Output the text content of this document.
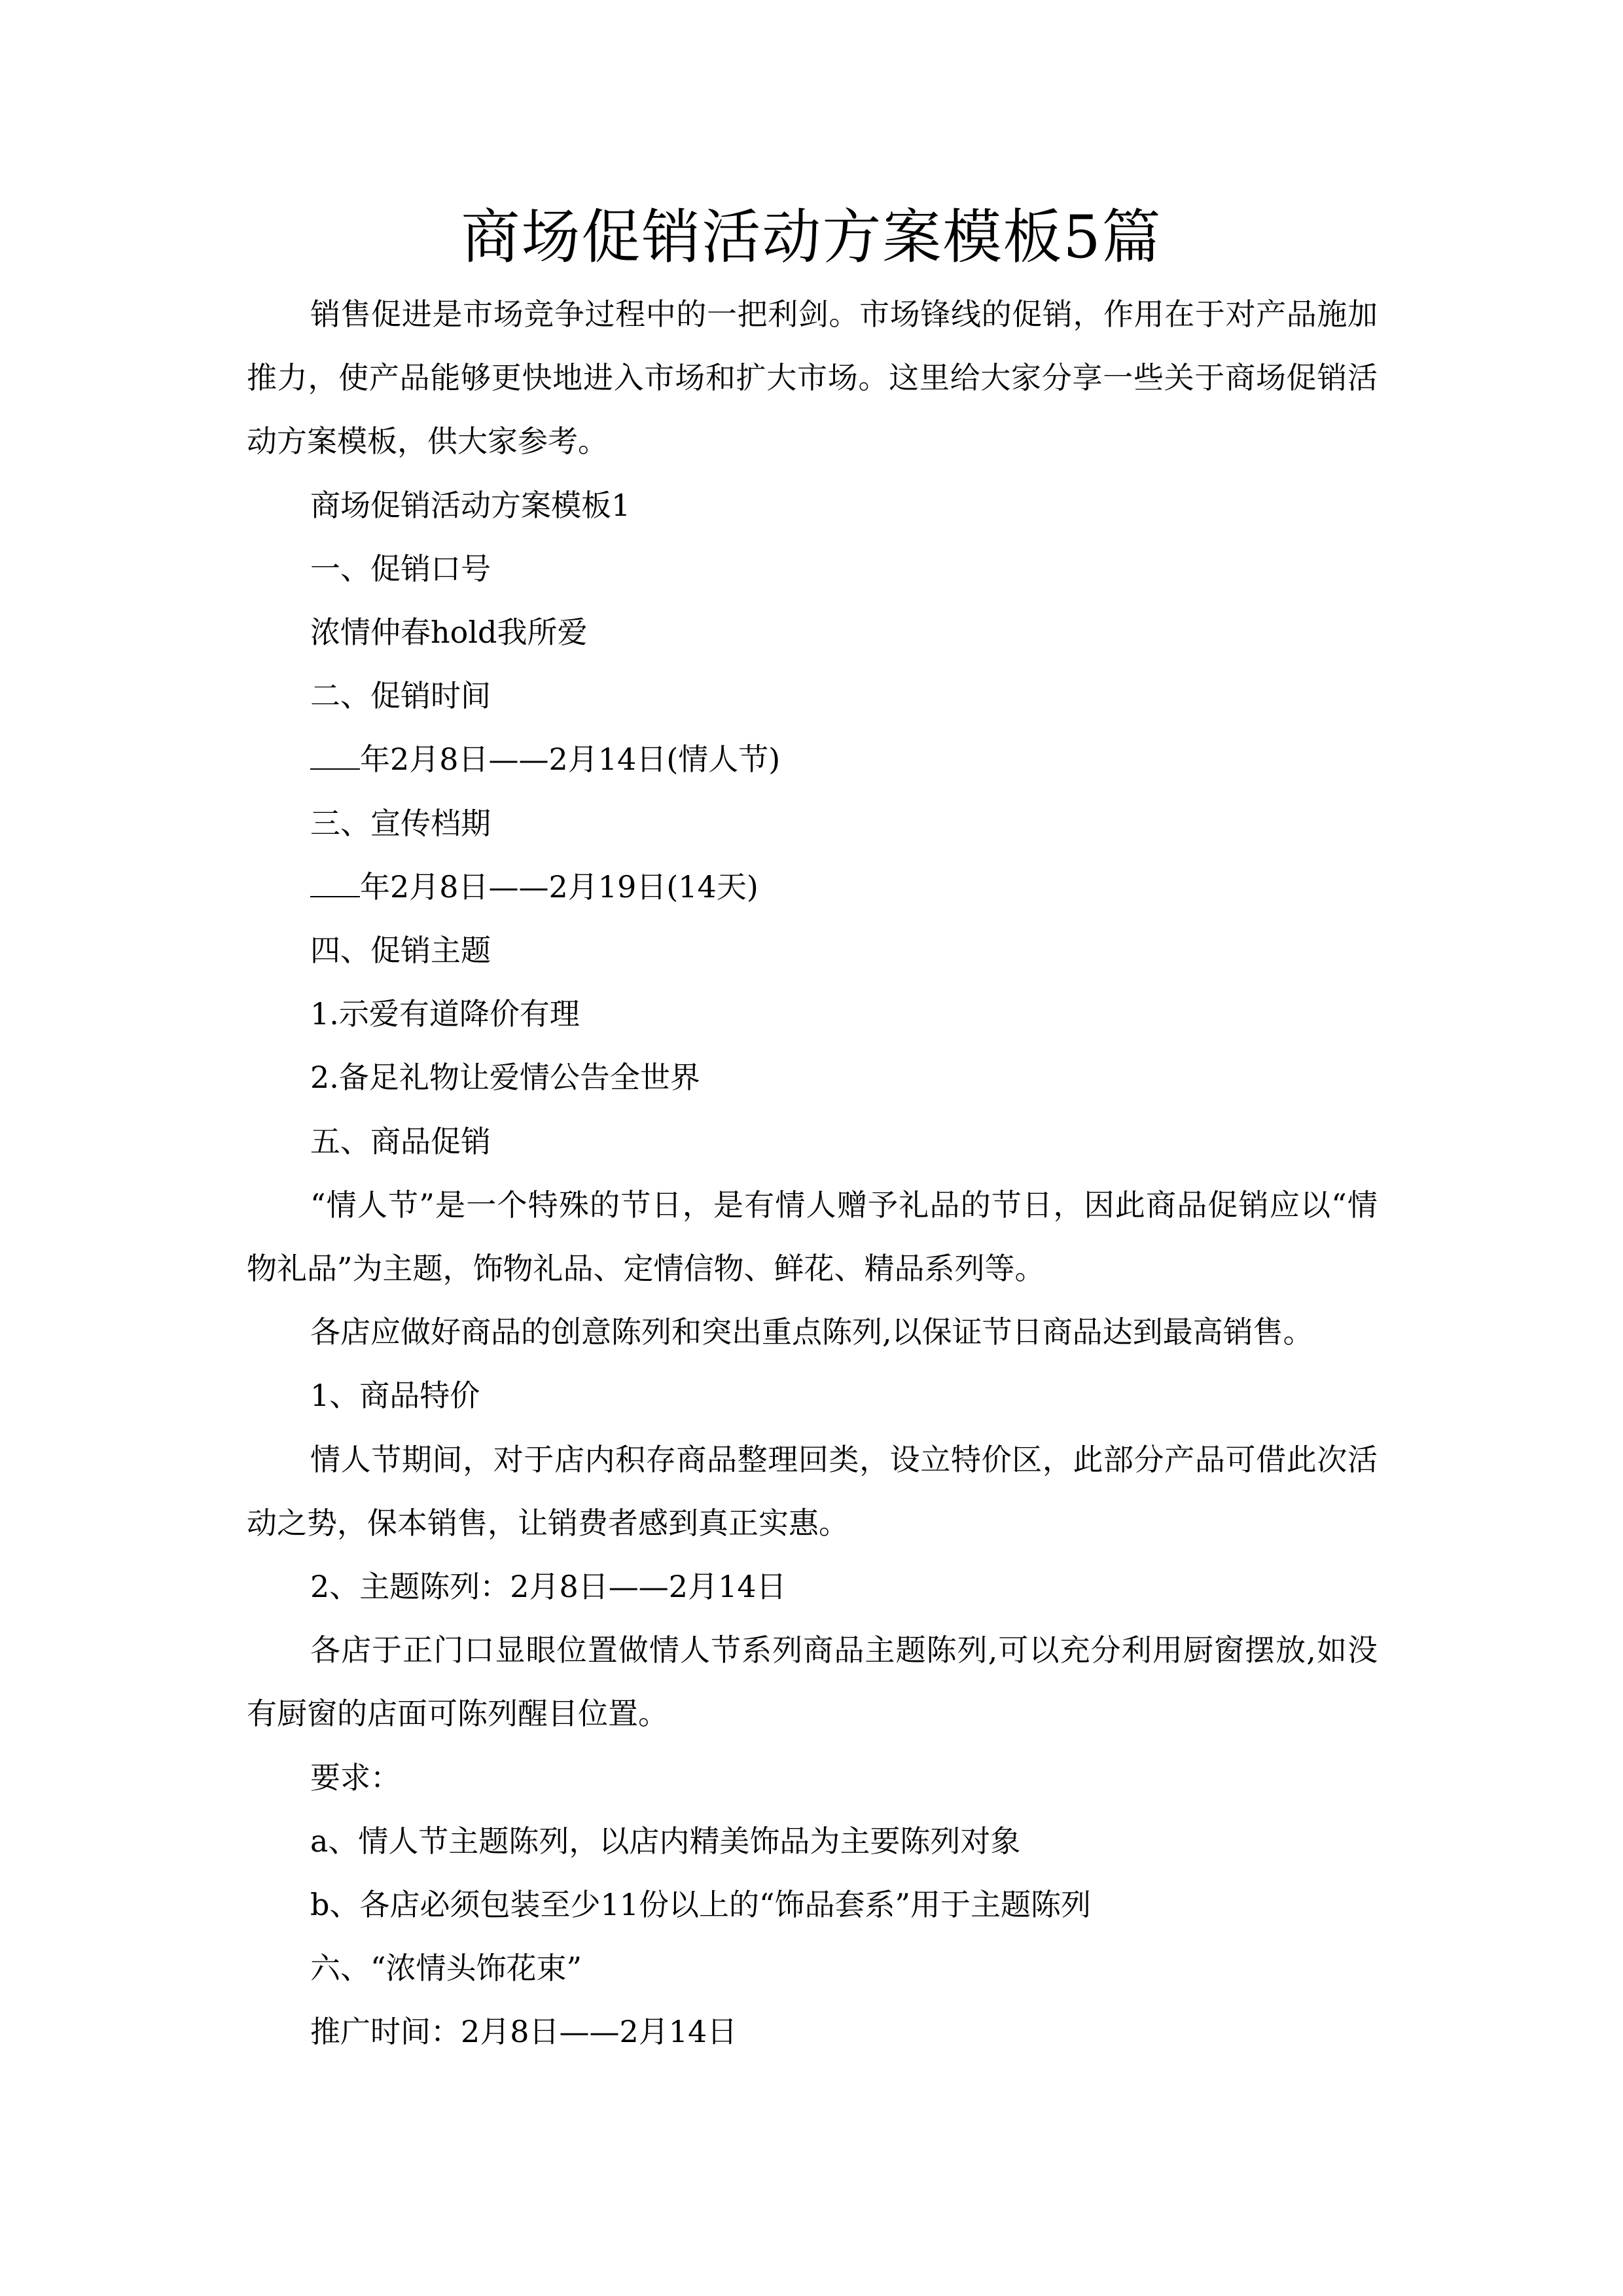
商场促销活动方案模板5篇

销售促进是市场竞争过程中的一把利剑。市场锋线的促销，作用在于对产品施加推力，使产品能够更快地进入市场和扩大市场。这里给大家分享一些关于商场促销活动方案模板，供大家参考。

商场促销活动方案模板1

一、促销口号

浓情仲春hold我所爱

二、促销时间

年2月8日——2月14日(情人节)

三、宣传档期

年2月8日——2月19日(14天)

四、促销主题

1.示爱有道降价有理

2.备足礼物让爱情公告全世界

五、商品促销

“情人节”是一个特殊的节日，是有情人赠予礼品的节日，因此商品促销应以“情物礼品”为主题，饰物礼品、定情信物、鲜花、精品系列等。

各店应做好商品的创意陈列和突出重点陈列,以保证节日商品达到最高销售。

1、商品特价

情人节期间，对于店内积存商品整理回类，设立特价区，此部分产品可借此次活动之势，保本销售，让销费者感到真正实惠。

2、主题陈列：2月8日——2月14日

各店于正门口显眼位置做情人节系列商品主题陈列,可以充分利用厨窗摆放,如没有厨窗的店面可陈列醒目位置。

要求：

a、情人节主题陈列，以店内精美饰品为主要陈列对象

b、各店必须包装至少11份以上的“饰品套系”用于主题陈列

六、“浓情头饰花束”

推广时间：2月8日——2月14日
